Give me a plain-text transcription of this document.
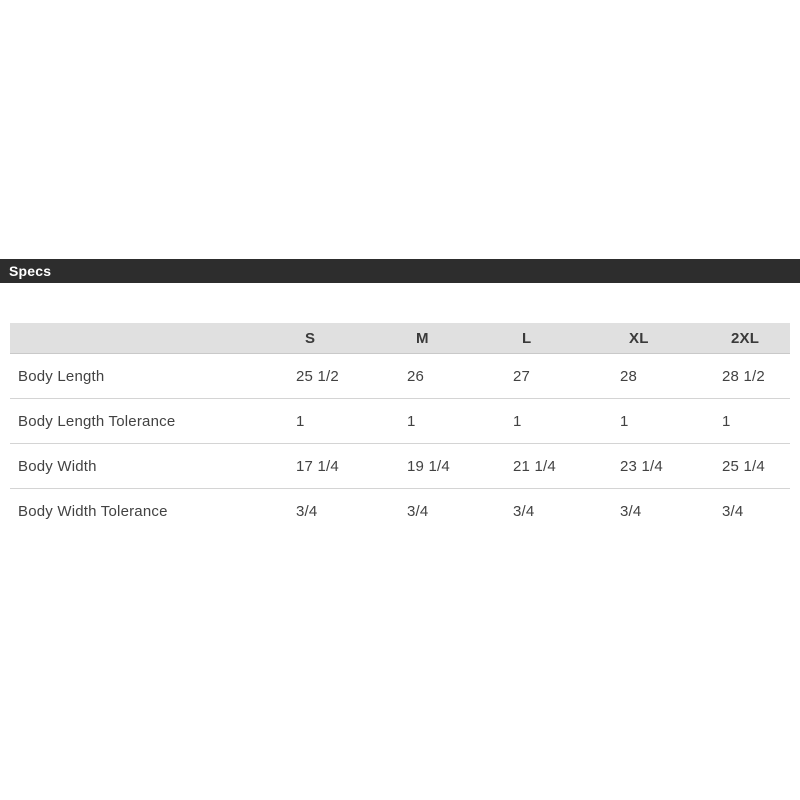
Specs
	S	M	L	XL	2XL
Body Length	25 1/2	26	27	28	28 1/2
Body Length Tolerance	1	1	1	1	1
Body Width	17 1/4	19 1/4	21 1/4	23 1/4	25 1/4
Body Width Tolerance	3/4	3/4	3/4	3/4	3/4
